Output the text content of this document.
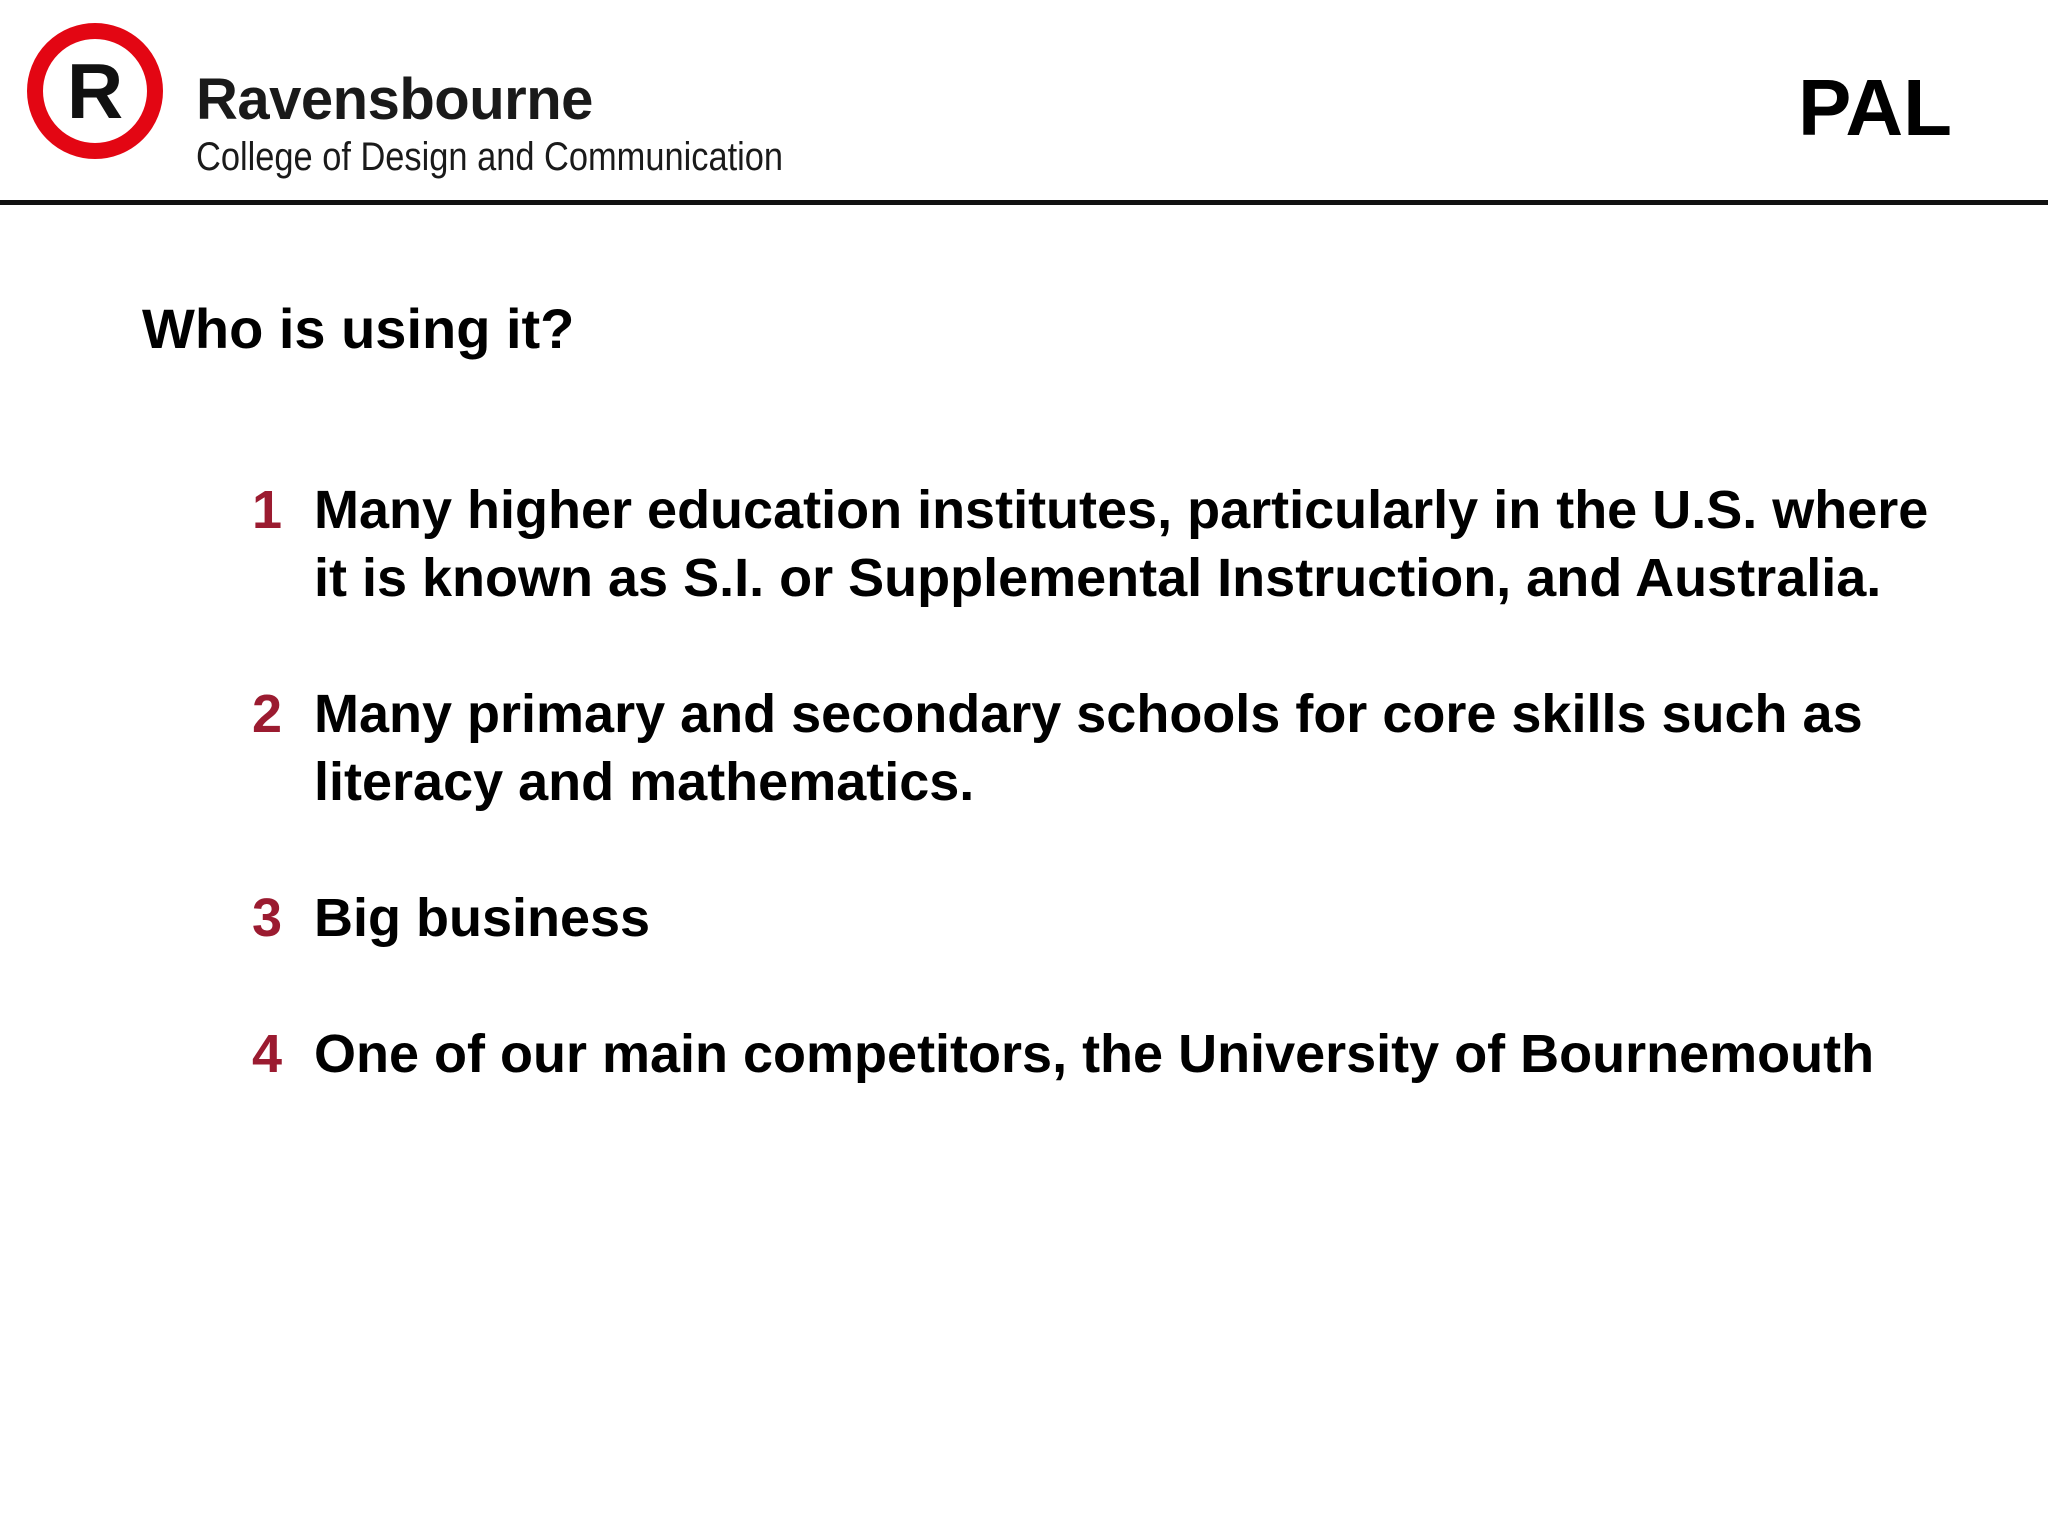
R Ravensbourne
College of Design and Communication
PAL
Who is using it?
1 Many higher education institutes, particularly in the U.S. where it is known as S.I. or Supplemental Instruction, and Australia.
2 Many primary and secondary schools for core skills such as literacy and mathematics.
3 Big business
4 One of our main competitors, the University of Bournemouth
